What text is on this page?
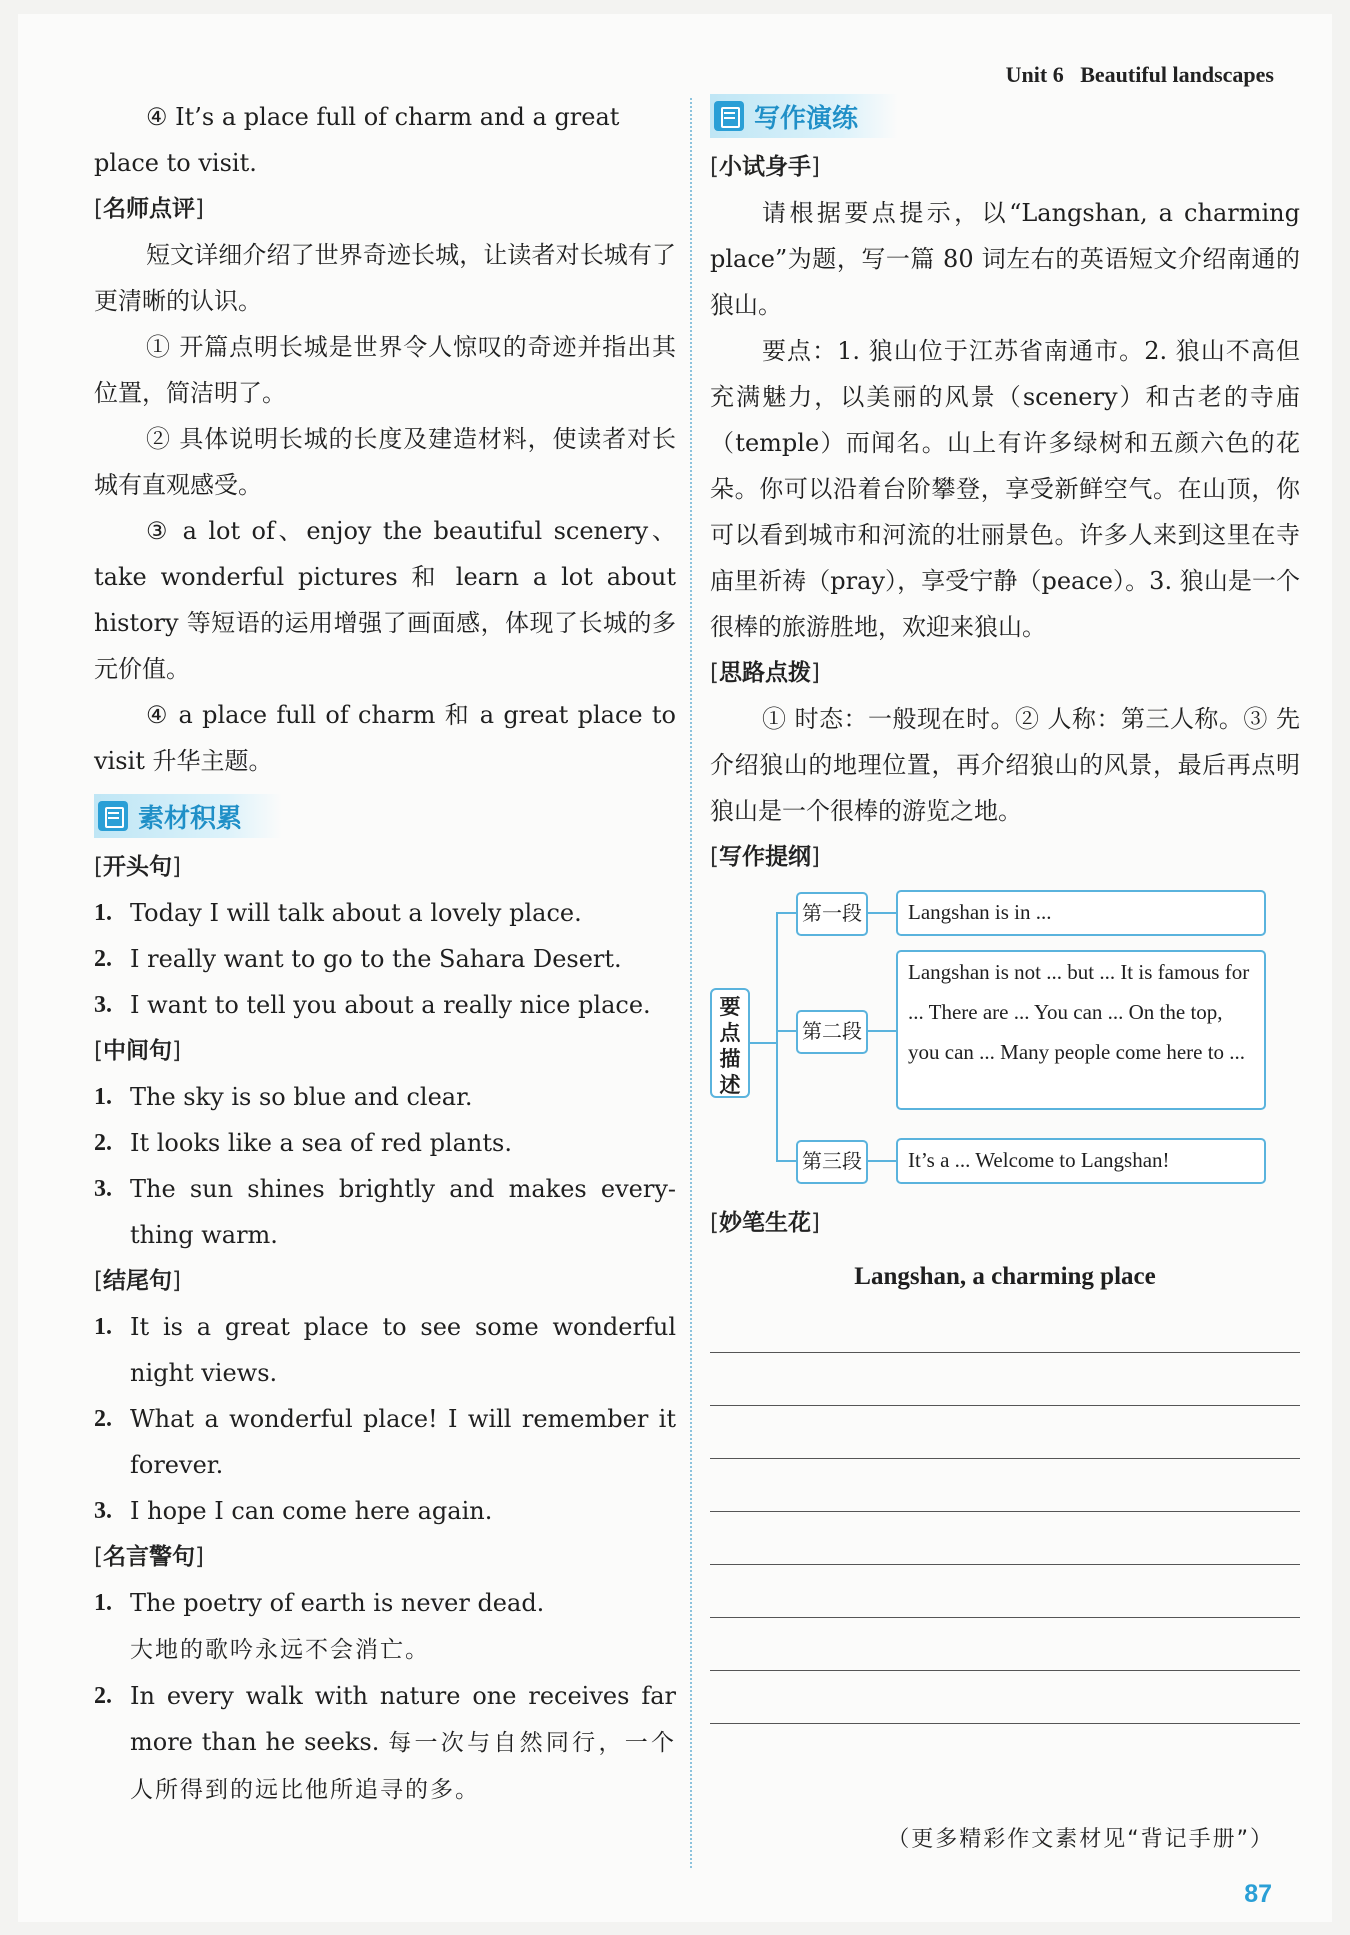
Unit 6 Beautiful landscapes

④ It’s a place full of charm and a great

place to visit.

[名师点评]

短文详细介绍了世界奇迹长城，让读者对长城有了更清晰的认识。

① 开篇点明长城是世界令人惊叹的奇迹并指出其位置，简洁明了。

② 具体说明长城的长度及建造材料，使读者对长城有直观感受。

③ a lot of、enjoy the beautiful scenery、take wonderful pictures 和 learn a lot about history 等短语的运用增强了画面感，体现了长城的多元价值。

④ a place full of charm 和 a great place to visit 升华主题。

素材积累
[开头句]
1. Today I will talk about a lovely place.
2. I really want to go to the Sahara Desert.
3. I want to tell you about a really nice place.
[中间句]
1. The sky is so blue and clear.
2. It looks like a sea of red plants.
3. The sun shines brightly and makes every-thing warm.
[结尾句]
1. It is a great place to see some wonderful night views.
2. What a wonderful place! I will remember it forever.
3. I hope I can come here again.
[名言警句]
1. The poetry of earth is never dead.
大地的歌吟永远不会消亡。
2. In every walk with nature one receives far more than he seeks. 每一次与自然同行，一个人所得到的远比他所追寻的多。
写作演练
[小试身手]

请根据要点提示，以“Langshan, a charming place”为题，写一篇 80 词左右的英语短文介绍南通的狼山。

要点：1. 狼山位于江苏省南通市。2. 狼山不高但充满魅力，以美丽的风景（scenery）和古老的寺庙（temple）而闻名。山上有许多绿树和五颜六色的花朵。你可以沿着台阶攀登，享受新鲜空气。在山顶，你可以看到城市和河流的壮丽景色。许多人来到这里在寺庙里祈祷（pray），享受宁静（peace）。3. 狼山是一个很棒的旅游胜地，欢迎来狼山。

[思路点拨]

① 时态：一般现在时。② 人称：第三人称。③ 先介绍狼山的地理位置，再介绍狼山的风景，最后再点明狼山是一个很棒的游览之地。

[写作提纲]
要点描述
第一段	Langshan is in ...
第二段
Langshan is not ... but ... It is famous for ... There are ... You can ... On the top, you can ... Many people come here to ...
第三段	It’s a ... Welcome to Langshan!
[妙笔生花]

Langshan, a charming place

（更多精彩作文素材见“背记手册”）
87
